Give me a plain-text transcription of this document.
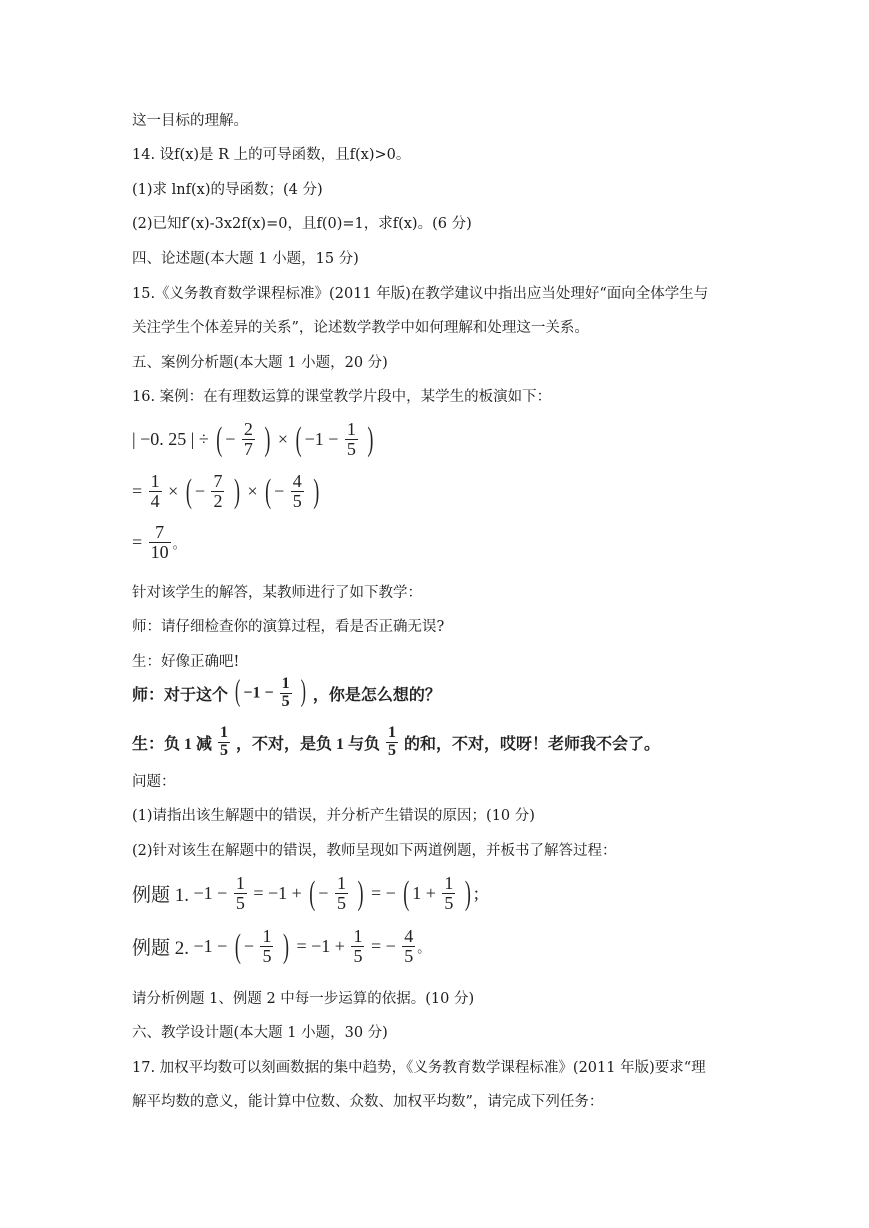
这一目标的理解。
14. 设f(x)是 R 上的可导函数，且f(x)>0。
(1)求 lnf(x)的导函数；(4 分)
(2)已知f′(x)-3x2f(x)=0，且f(0)=1，求f(x)。(6 分)
四、论述题(本大题 1 小题，15 分)
15.《义务教育数学课程标准》(2011 年版)在教学建议中指出应当处理好“面向全体学生与
关注学生个体差异的关系”，论述数学教学中如何理解和处理这一关系。
五、案例分析题(本大题 1 小题，20 分)
16. 案例：在有理数运算的课堂教学片段中，某学生的板演如下：
| −0. 25 | ÷ ( − $\frac{2}{7}$ ) × ( $-1 - \frac{1}{5}$ )
= $\frac{1}{4}$ × ( − $\frac{7}{2}$ ) × ( − $\frac{4}{5}$ )
= $\frac{7}{10}$ 。
针对该学生的解答，某教师进行了如下教学：
师：请仔细检查你的演算过程，看是否正确无误?
生：好像正确吧!
师：对于这个 ( $-1 - \frac{1}{5}$ ) ，你是怎么想的？
生：负 1 减 $\frac{1}{5}$ ，不对，是负 1 与负 $\frac{1}{5}$ 的和，不对，哎呀！老师我不会了。
问题：
(1)请指出该生解题中的错误，并分析产生错误的原因；(10 分)
(2)针对该生在解题中的错误，教师呈现如下两道例题，并板书了解答过程：
例题 1. $-1 - \frac{1}{5} = -1$ + ( − $\frac{1}{5}$ ) = − ( $1 + \frac{1}{5}$ ) ;
例题 2. −1 − ( − $\frac{1}{5}$ ) = $-1 + \frac{1}{5}$ = − $\frac{4}{5}$ 。
请分析例题 1、例题 2 中每一步运算的依据。(10 分)
六、教学设计题(本大题 1 小题，30 分)
17. 加权平均数可以刻画数据的集中趋势，《义务教育数学课程标准》(2011 年版)要求“理
解平均数的意义，能计算中位数、众数、加权平均数”，请完成下列任务：
